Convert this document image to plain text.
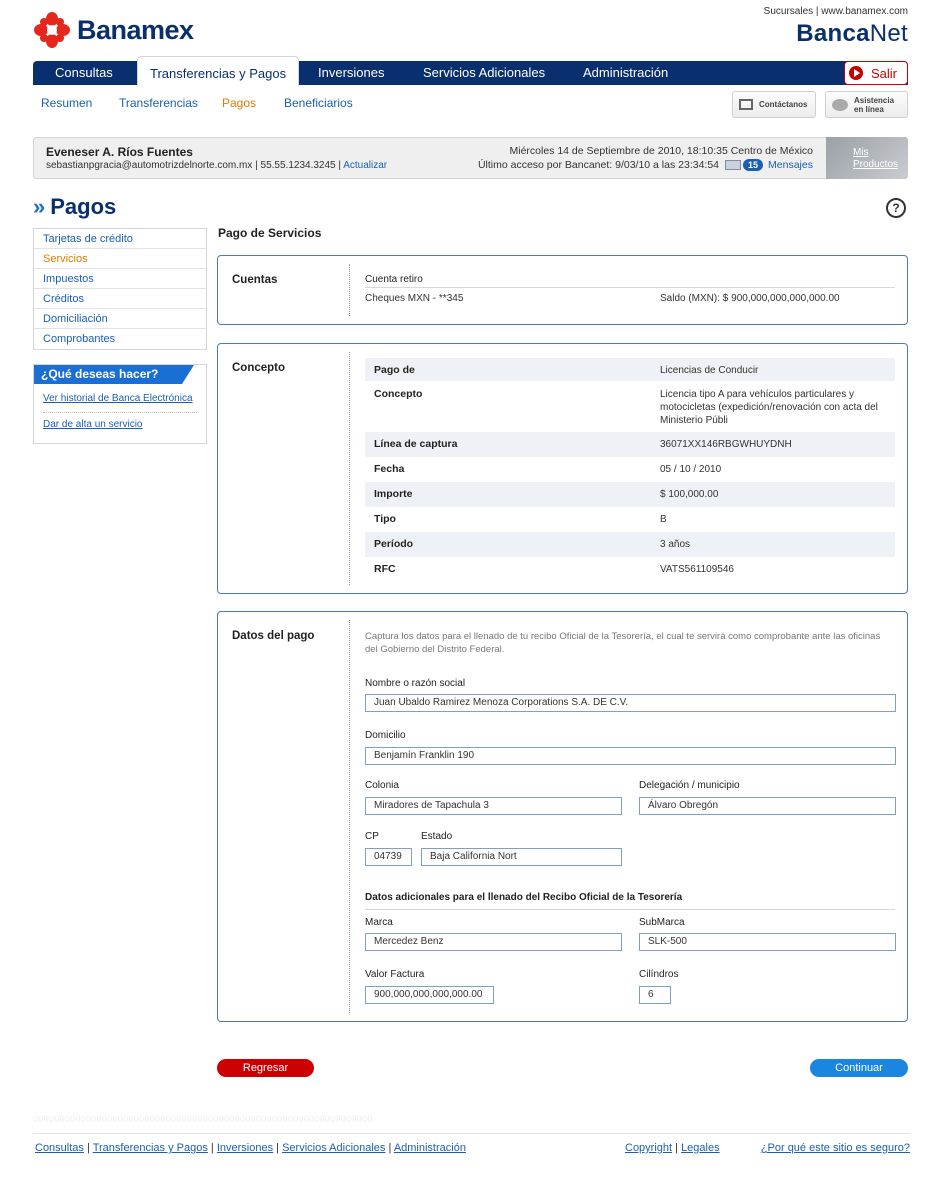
Banamex
Sucursales | www.banamex.com
BancaNet
Consultas	Transferencias y Pagos	Inversiones	Servicios Adicionales	Administración	Salir
Resumen Transferencias Pagos Beneficiarios	Contáctanos	Asistencia
en línea
Eveneser A. Ríos Fuentes
sebastianpgracia@automotrizdelnorte.com.mx | 55.55.1234.3245 | Actualizar
Miércoles 14 de Septiembre de 2010, 18:10:35 Centro de México
Último acceso por Bancanet: 9/03/10 a las 23:34:54	15 Mensajes
Mis
Productos
» Pagos	?
Tarjetas de crédito
Servicios
Impuestos
Créditos
Domiciliación
Comprobantes
¿Qué deseas hacer?
Ver historial de Banca Electrónica
Dar de alta un servicio
Pago de Servicios
Cuentas	Cuenta retiro
Cheques MXN - **345	Saldo (MXN): $ 900,000,000,000,000.00
Concepto	Pago de	Licencias de Conducir
Concepto	Licencia tipo A para vehículos particulares y motocicletas (expedición/renovación con acta del Ministerio Públi
Línea de captura	36071XX146RBGWHUYDNH
Fecha	05 / 10 / 2010
Importe	$ 100,000.00
Tipo	B
Período	3 años
RFC	VATS561109546
Datos del pago	Captura los datos para el llenado de tu recibo Oficial de la Tesorería, el cual te servirá como comprobante ante las oficinas del Gobierno del Distrito Federal.
Nombre o razón social
Juan Ubaldo Ramirez Menoza Corporations S.A. DE C.V.
Domicilio
Benjamín Franklin 190
Colonia
Miradores de Tapachula 3
Delegación / municipio
Álvaro Obregón
CP
04739
Estado
Baja California Nort
Datos adicionales para el llenado del Recibo Oficial de la Tesorería
Marca
Mercedez Benz
SubMarca
SLK-500
Valor Factura
900,000,000,000,000.00
Cilíndros
6
Regresar	Continuar
0000000000000000000000000000000000000000000000000000000000000000
Consultas | Transferencias y Pagos | Inversiones | Servicios Adicionales | Administración	Copyright | Legales	¿Por qué este sitio es seguro?
